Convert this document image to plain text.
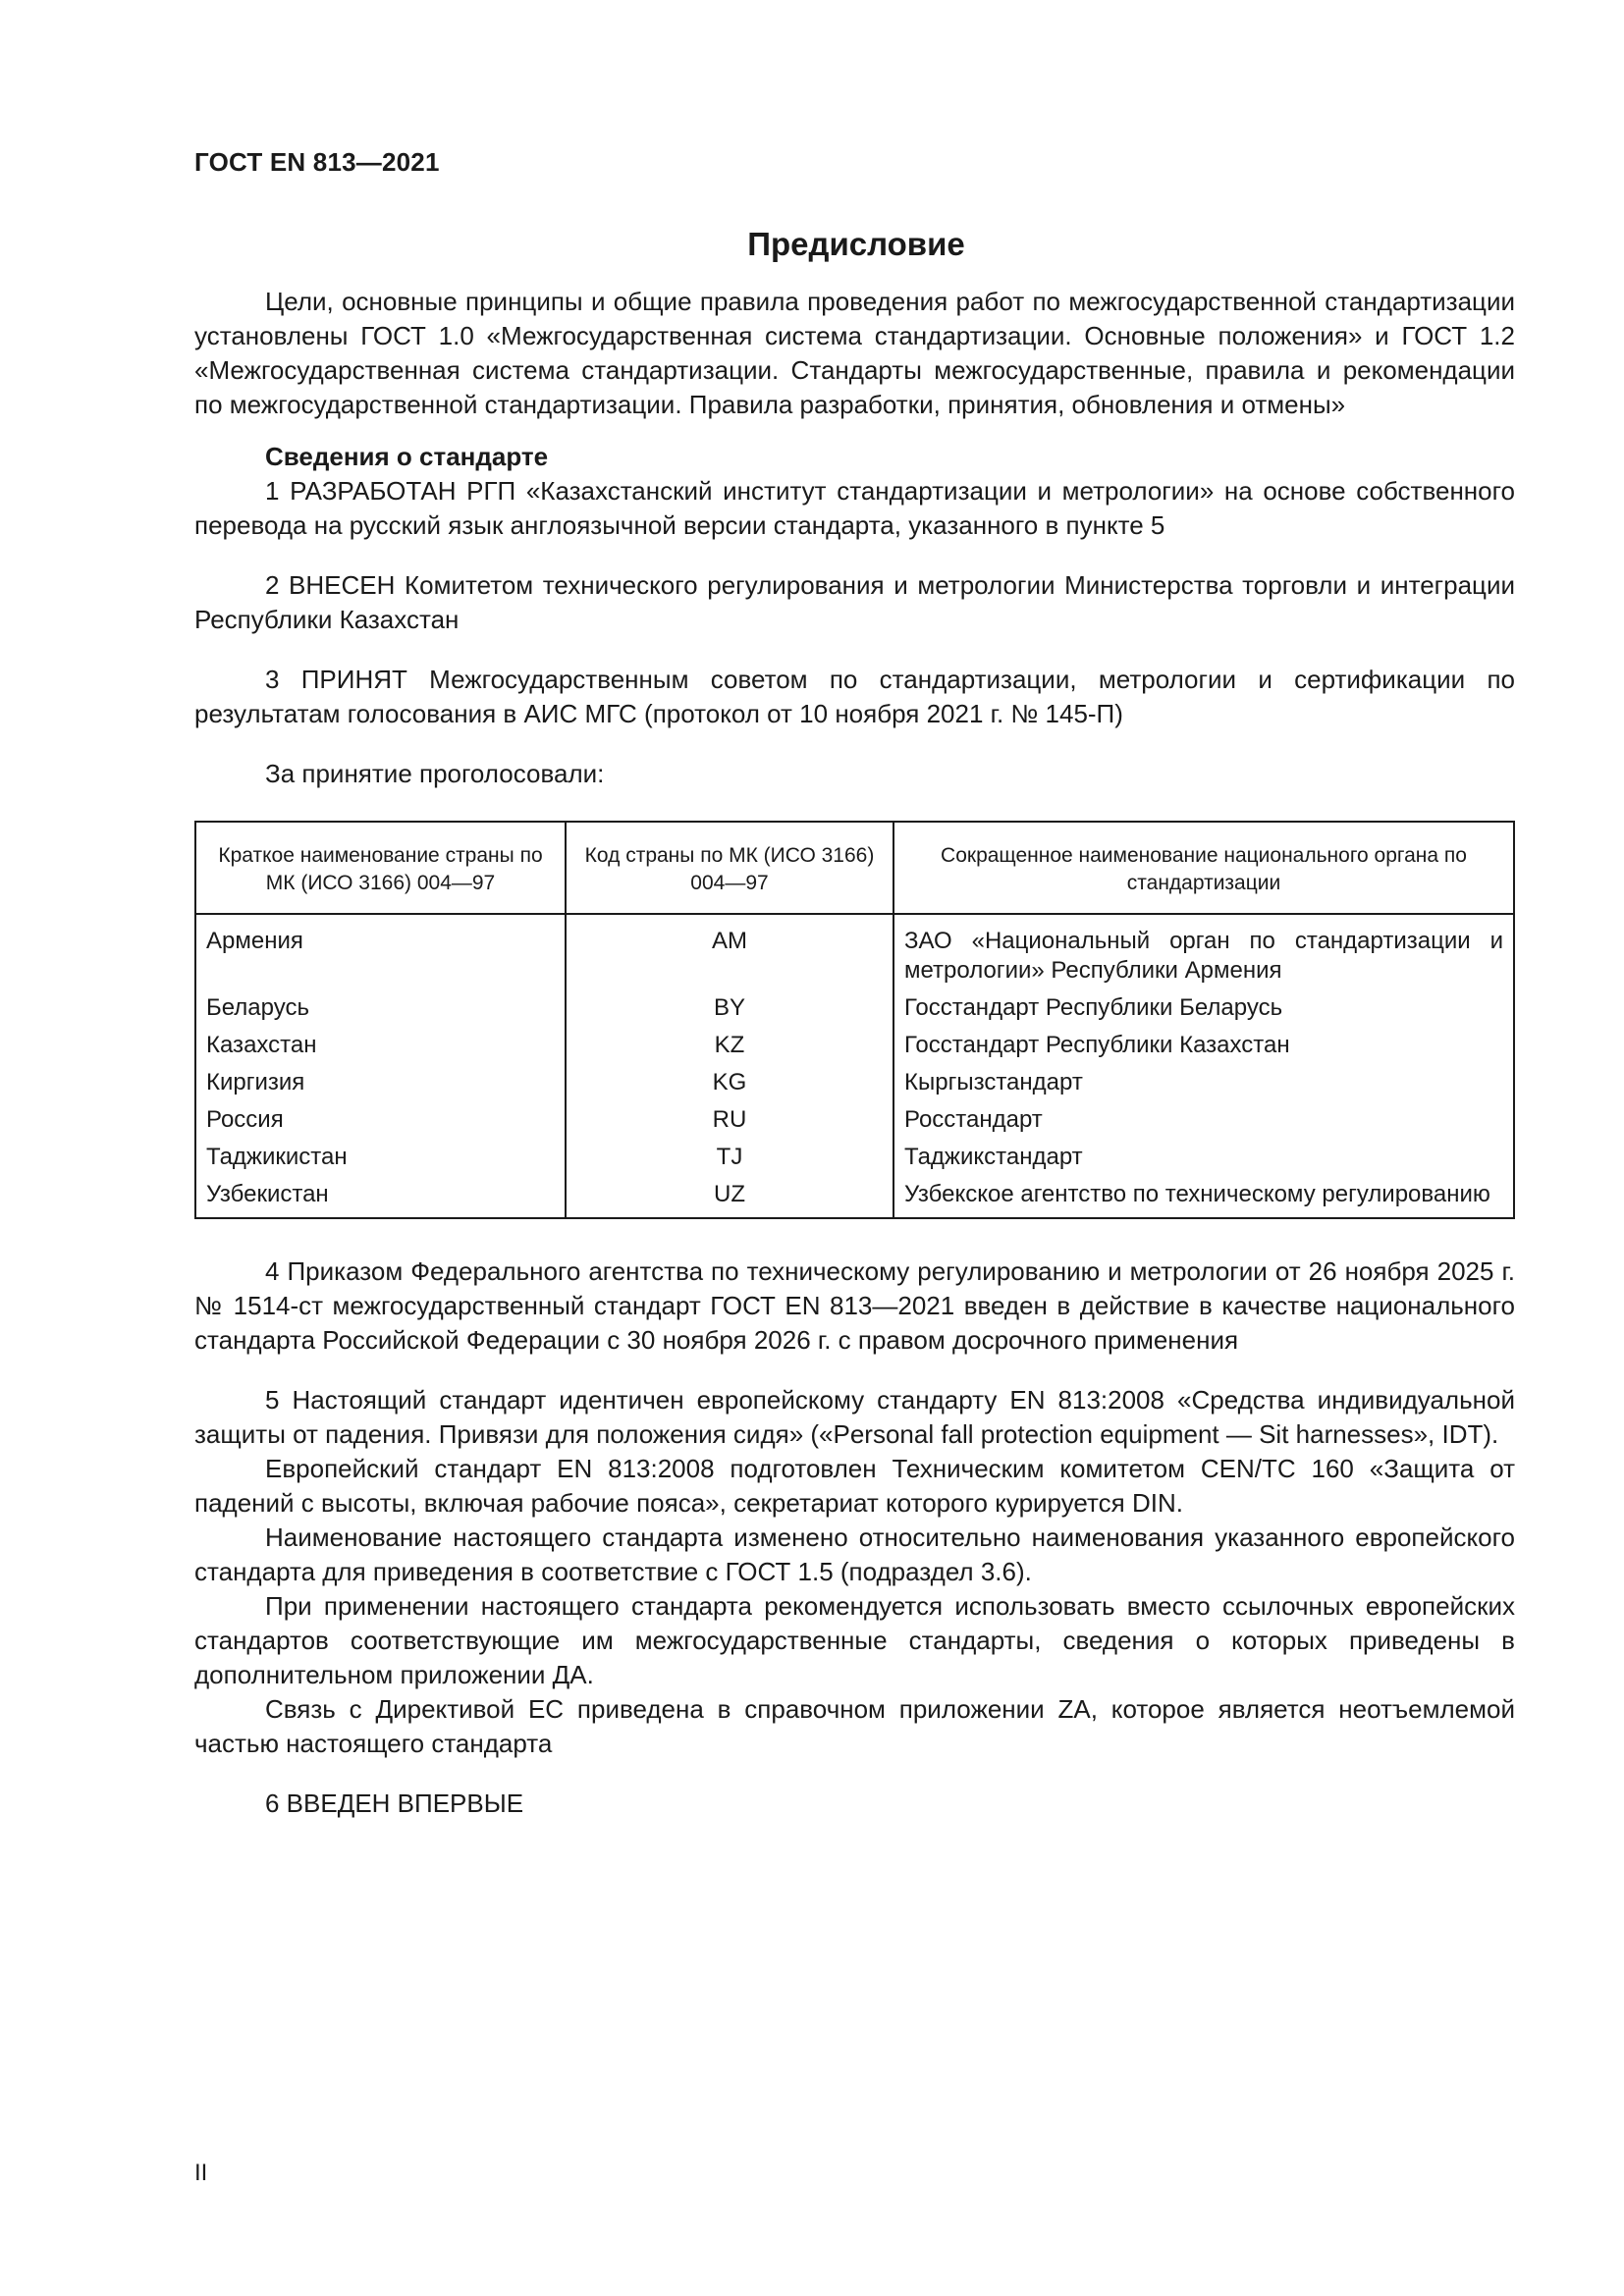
ГОСТ EN 813—2021
Предисловие

Цели, основные принципы и общие правила проведения работ по межгосударственной стандартизации установлены ГОСТ 1.0 «Межгосударственная система стандартизации. Основные положения» и ГОСТ 1.2 «Межгосударственная система стандартизации. Стандарты межгосударственные, правила и рекомендации по межгосударственной стандартизации. Правила разработки, принятия, обновления и отмены»

Сведения о стандарте

1 РАЗРАБОТАН РГП «Казахстанский институт стандартизации и метрологии» на основе собственного перевода на русский язык англоязычной версии стандарта, указанного в пункте 5

2 ВНЕСЕН Комитетом технического регулирования и метрологии Министерства торговли и интеграции Республики Казахстан

3 ПРИНЯТ Межгосударственным советом по стандартизации, метрологии и сертификации по результатам голосования в АИС МГС (протокол от 10 ноября 2021 г. № 145-П)

За принятие проголосовали:

Краткое наименование страны по МК (ИСО 3166) 004—97	Код страны по МК (ИСО 3166) 004—97	Сокращенное наименование национального органа по стандартизации
Армения	AM	ЗАО «Национальный орган по стандартизации и метрологии» Республики Армения
Беларусь	BY	Госстандарт Республики Беларусь
Казахстан	KZ	Госстандарт Республики Казахстан
Киргизия	KG	Кыргызстандарт
Россия	RU	Росстандарт
Таджикистан	TJ	Таджикстандарт
Узбекистан	UZ	Узбекское агентство по техническому регулированию

4 Приказом Федерального агентства по техническому регулированию и метрологии от 26 ноября 2025 г. № 1514-ст межгосударственный стандарт ГОСТ EN 813—2021 введен в действие в качестве национального стандарта Российской Федерации с 30 ноября 2026 г. с правом досрочного применения

5 Настоящий стандарт идентичен европейскому стандарту EN 813:2008 «Средства индивидуальной защиты от падения. Привязи для положения сидя» («Personal fall protection equipment — Sit harnesses», IDT).

Европейский стандарт EN 813:2008 подготовлен Техническим комитетом CEN/TC 160 «Защита от падений с высоты, включая рабочие пояса», секретариат которого курируется DIN.

Наименование настоящего стандарта изменено относительно наименования указанного европейского стандарта для приведения в соответствие с ГОСТ 1.5 (подраздел 3.6).

При применении настоящего стандарта рекомендуется использовать вместо ссылочных европейских стандартов соответствующие им межгосударственные стандарты, сведения о которых приведены в дополнительном приложении ДА.

Связь с Директивой ЕС приведена в справочном приложении ZA, которое является неотъемлемой частью настоящего стандарта

6 ВВЕДЕН ВПЕРВЫЕ

II
